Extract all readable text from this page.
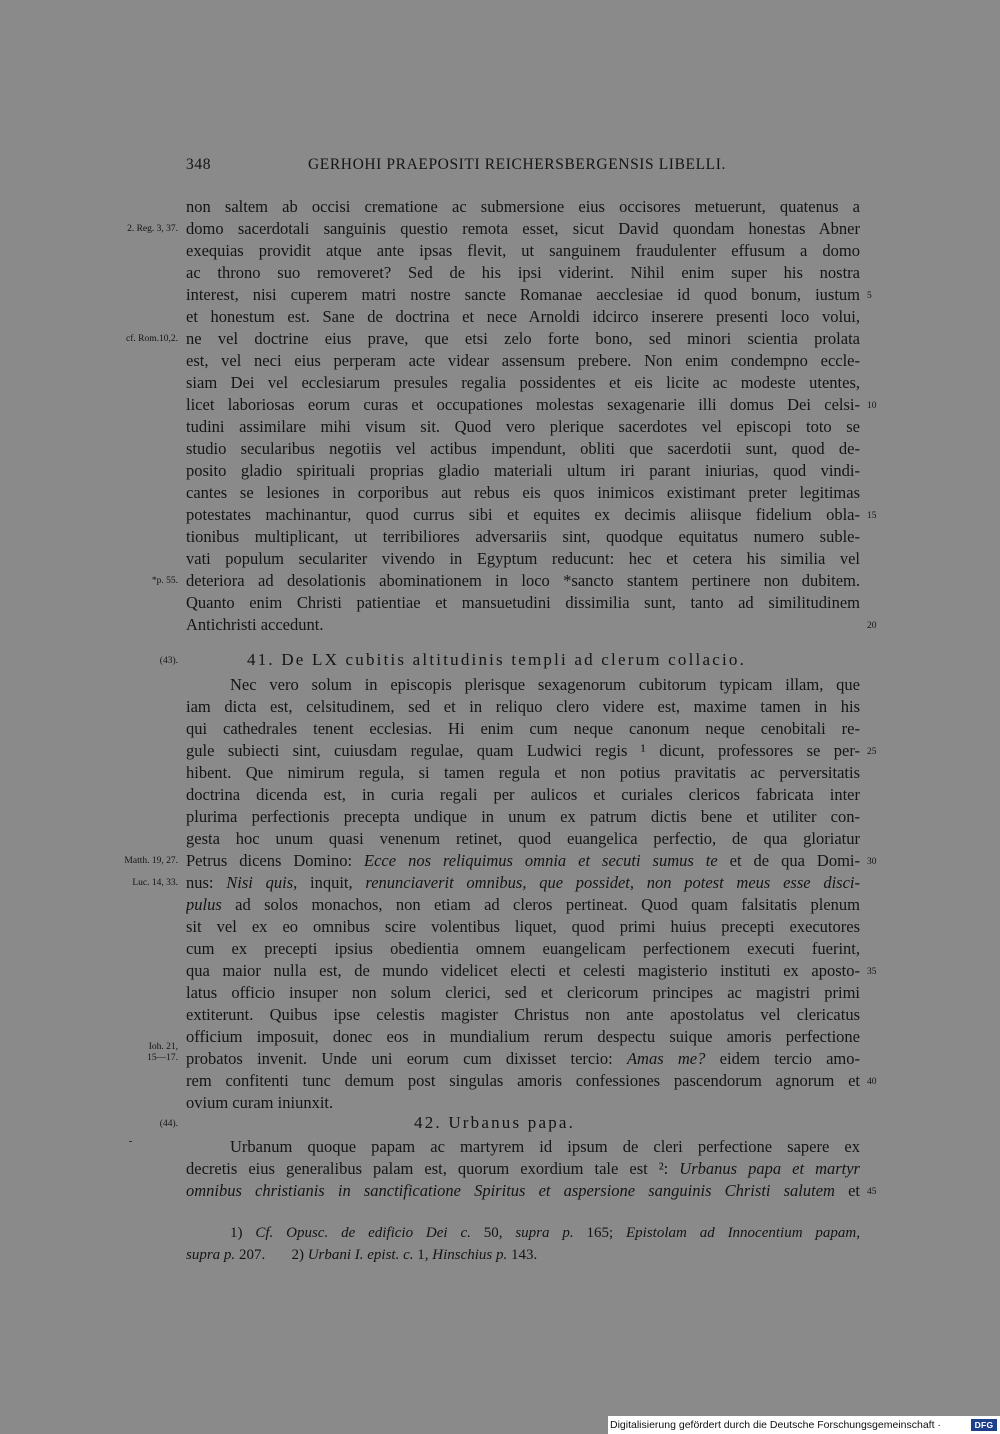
348	GERHOHI PRAEPOSITI REICHERSBERGENSIS LIBELLI.
non saltem ab occisi crematione ac submersione eius occisores metuerunt, quatenus a
domo sacerdotali sanguinis questio remota esset, sicut David quondam honestas Abner
exequias providit atque ante ipsas flevit, ut sanguinem fraudulenter effusum a domo
ac throno suo removeret? Sed de his ipsi viderint. Nihil enim super his nostra
interest, nisi cuperem matri nostre sancte Romanae aecclesiae id quod bonum, iustum
et honestum est. Sane de doctrina et nece Arnoldi idcirco inserere presenti loco volui,
ne vel doctrine eius prave, que etsi zelo forte bono, sed minori scientia prolata
est, vel neci eius perperam acte videar assensum prebere. Non enim condempno eccle-
siam Dei vel ecclesiarum presules regalia possidentes et eis licite ac modeste utentes,
licet laboriosas eorum curas et occupationes molestas sexagenarie illi domus Dei celsi-
tudini assimilare mihi visum sit. Quod vero plerique sacerdotes vel episcopi toto se
studio secularibus negotiis vel actibus impendunt, obliti que sacerdotii sunt, quod de-
posito gladio spirituali proprias gladio materiali ultum iri parant iniurias, quod vindi-
cantes se lesiones in corporibus aut rebus eis quos inimicos existimant preter legitimas
potestates machinantur, quod currus sibi et equites ex decimis aliisque fidelium obla-
tionibus multiplicant, ut terribiliores adversariis sint, quodque equitatus numero suble-
vati populum seculariter vivendo in Egyptum reducunt: hec et cetera his similia vel
deteriora ad desolationis abominationem in loco *sancto stantem pertinere non dubitem.
Quanto enim Christi patientiae et mansuetudini dissimilia sunt, tanto ad similitudinem
Antichristi accedunt.
(43).	41. De LX cubitis altitudinis templi ad clerum collacio.
Nec vero solum in episcopis plerisque sexagenorum cubitorum typicam illam, que
iam dicta est, celsitudinem, sed et in reliquo clero videre est, maxime tamen in his
qui cathedrales tenent ecclesias. Hi enim cum neque canonum neque cenobitali re-
gule subiecti sint, cuiusdam regulae, quam Ludwici regis ¹ dicunt, professores se per-
hibent. Que nimirum regula, si tamen regula et non potius pravitatis ac perversitatis
doctrina dicenda est, in curia regali per aulicos et curiales clericos fabricata inter
plurima perfectionis precepta undique in unum ex patrum dictis bene et utiliter con-
gesta hoc unum quasi venenum retinet, quod euangelica perfectio, de qua gloriatur
Petrus dicens Domino: Ecce nos reliquimus omnia et secuti sumus te et de qua Domi-
nus: Nisi quis, inquit, renunciaverit omnibus, que possidet, non potest meus esse disci-
pulus ad solos monachos, non etiam ad cleros pertineat. Quod quam falsitatis plenum
sit vel ex eo omnibus scire volentibus liquet, quod primi huius precepti executores
cum ex precepti ipsius obedientia omnem euangelicam perfectionem executi fuerint,
qua maior nulla est, de mundo videlicet electi et celesti magisterio instituti ex aposto-
latus officio insuper non solum clerici, sed et clericorum principes ac magistri primi
extiterunt. Quibus ipse celestis magister Christus non ante apostolatus vel clericatus
officium imposuit, donec eos in mundialium rerum despectu suique amoris perfectione
probatos invenit. Unde uni eorum cum dixisset tercio: Amas me? eidem tercio amo-
rem confitenti tunc demum post singulas amoris confessiones pascendorum agnorum et
ovium curam iniunxit.
(44).	42. Urbanus papa.
Urbanum quoque papam ac martyrem id ipsum de cleri perfectione sapere ex
decretis eius generalibus palam est, quorum exordium tale est ²: Urbanus papa et martyr
omnibus christianis in sanctificatione Spiritus et aspersione sanguinis Christi salutem et
2. Reg. 3, 37.
cf. Rom.10,2.
*p. 55.
Matth. 19, 27.
Luc. 14, 33.
Ioh. 21,
15—17.
5
10
15
20
25
30
35
40
45
1) Cf. Opusc. de edificio Dei c. 50, supra p. 165; Epistolam ad Innocentium papam,
supra p. 207.       2) Urbani I. epist. c. 1, Hinschius p. 143.
Digitalisierung gefördert durch die Deutsche Forschungsgemeinschaft ·	DFG
